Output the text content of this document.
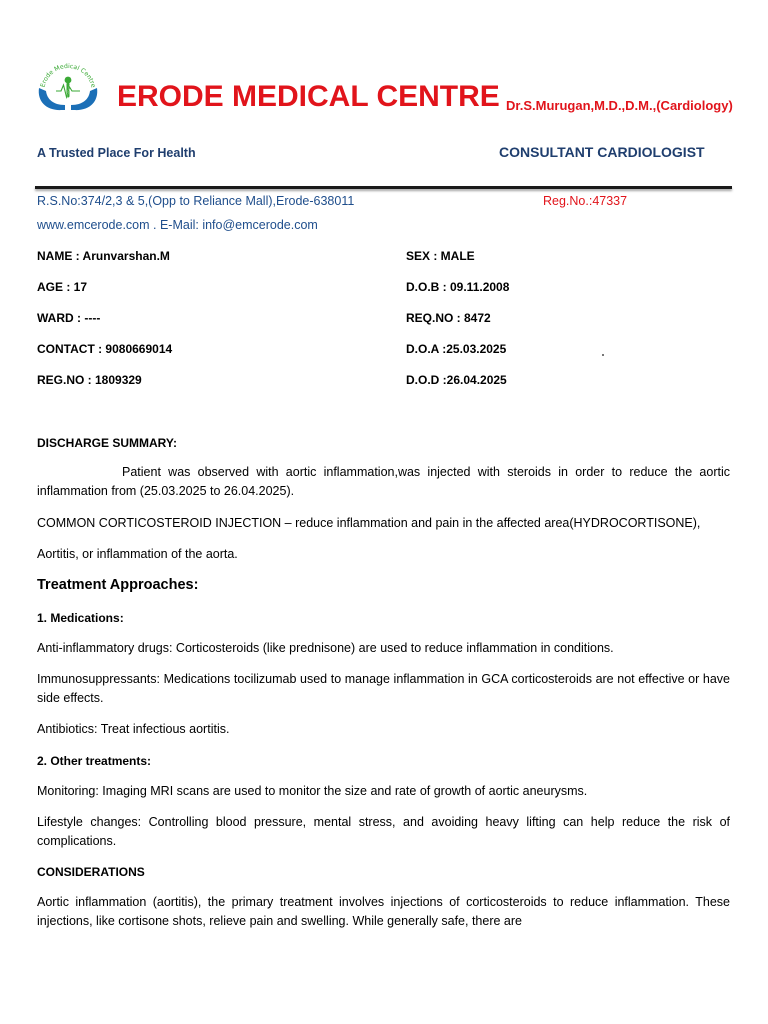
Erode Medical Centre ERODE MEDICAL CENTRE Dr.S.Murugan,M.D.,D.M.,(Cardiology)
A Trusted Place For Health	CONSULTANT CARDIOLOGIST
R.S.No:374/2,3 & 5,(Opp to Reliance Mall),Erode-638011	Reg.No.:47337
www.emcerode.com . E-Mail: info@emcerode.com
NAME : Arunvarshan.M	SEX : MALE
AGE : 17	D.O.B : 09.11.2008
WARD : ----	REQ.NO : 8472
CONTACT : 9080669014	D.O.A :25.03.2025
REG.NO : 1809329	D.O.D :26.04.2025
DISCHARGE SUMMARY:
Patient was observed with aortic inflammation,was injected with steroids in order to reduce the aortic inflammation from (25.03.2025 to 26.04.2025).
COMMON CORTICOSTEROID INJECTION – reduce inflammation and pain in the affected area(HYDROCORTISONE),
Aortitis, or inflammation of the aorta.
Treatment Approaches:
1. Medications:
Anti-inflammatory drugs: Corticosteroids (like prednisone) are used to reduce inflammation in conditions.
Immunosuppressants: Medications tocilizumab used to manage inflammation in GCA corticosteroids are not effective or have side effects.
Antibiotics: Treat infectious aortitis.
2. Other treatments:
Monitoring: Imaging MRI scans are used to monitor the size and rate of growth of aortic aneurysms.
Lifestyle changes: Controlling blood pressure, mental stress, and avoiding heavy lifting can help reduce the risk of complications.
CONSIDERATIONS
Aortic inflammation (aortitis), the primary treatment involves injections of corticosteroids to reduce inflammation. These injections, like cortisone shots, relieve pain and swelling. While generally safe, there are
